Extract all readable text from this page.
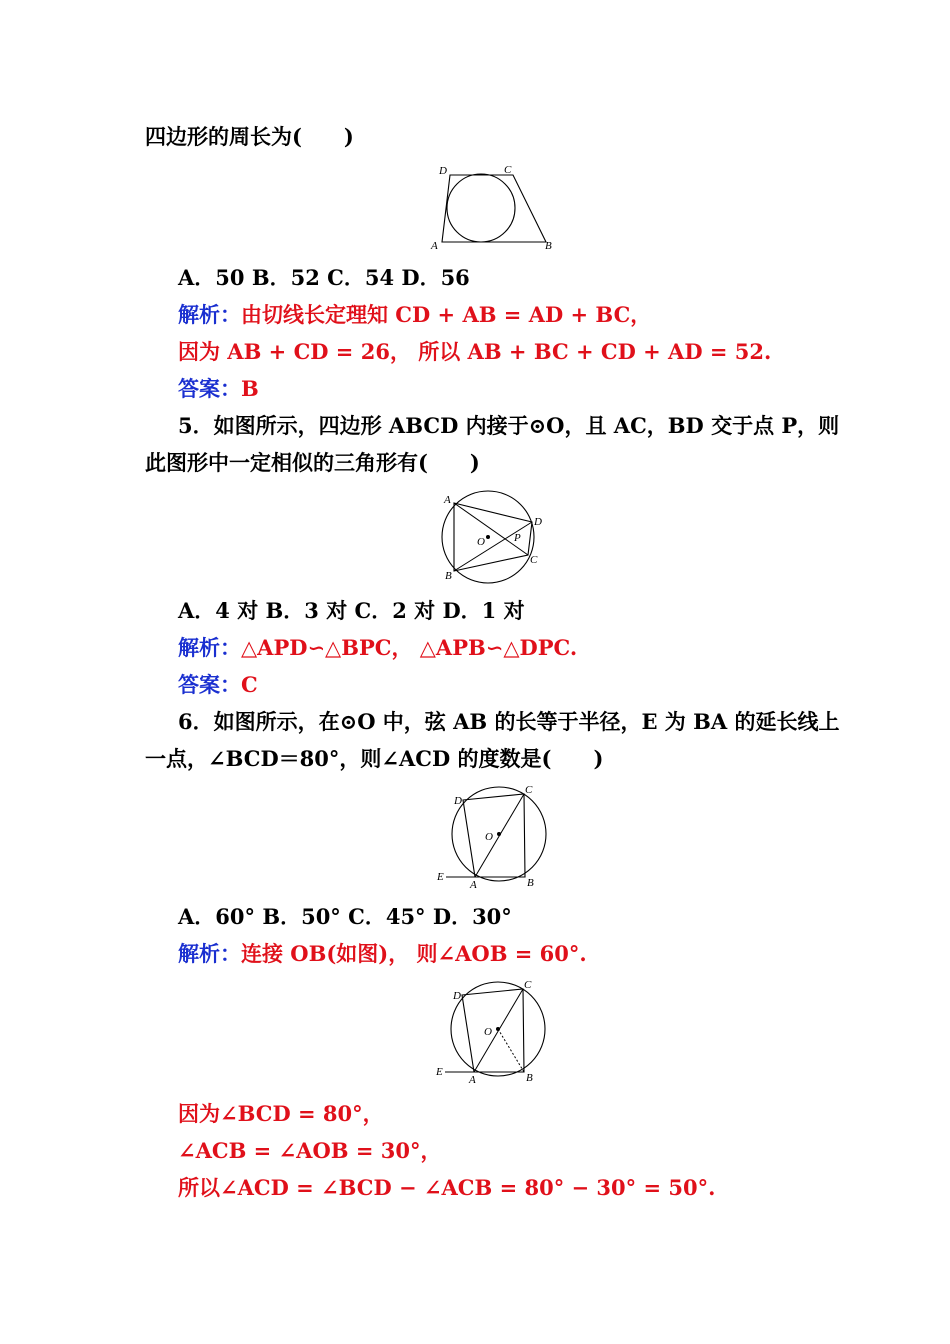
四边形的周长为(　　)
D	C
A	B
A．50 B．52 C．54 D．56
解析：由切线长定理知 CD + AB = AD + BC，
因为 AB + CD = 26， 所以 AB + BC + CD + AD = 52.
答案：B
5．如图所示，四边形 ABCD 内接于⊙O，且 AC，BD 交于点 P，则
此图形中一定相似的三角形有(　　)
A
D
O	P
C
B
A．4 对 B．3 对 C．2 对 D．1 对
解析：△APD∽△BPC， △APB∽△DPC.
答案：C
6．如图所示，在⊙O 中，弦 AB 的长等于半径，E 为 BA 的延长线上
一点，∠BCD＝80°，则∠ACD 的度数是(　　)
D
C
O
E
A	B
A．60° B．50° C．45° D．30°
解析：连接 OB(如图)， 则∠AOB = 60°.
D
C
O
E
A	B
因为∠BCD = 80°，
∠ACB = ∠AOB = 30°，
所以∠ACD = ∠BCD − ∠ACB = 80° − 30° = 50°.
